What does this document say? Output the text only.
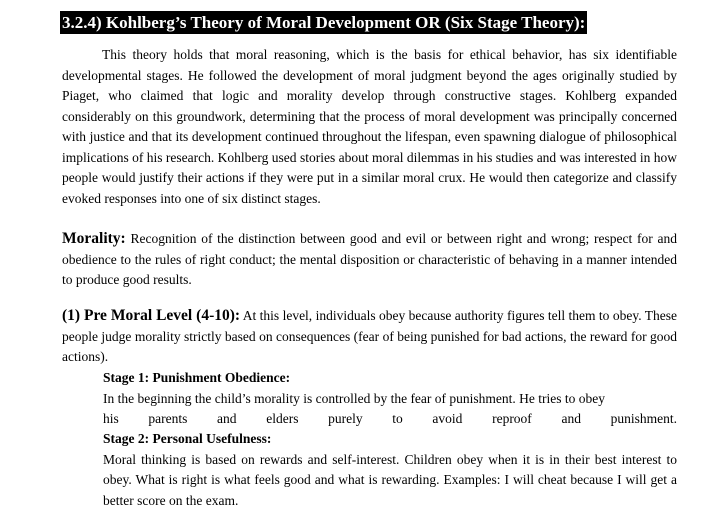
3.2.4) Kohlberg’s Theory of Moral Development OR (Six Stage Theory):

This theory holds that moral reasoning, which is the basis for ethical behavior, has six identifiable developmental stages. He followed the development of moral judgment beyond the ages originally studied by Piaget, who claimed that logic and morality develop through constructive stages. Kohlberg expanded considerably on this groundwork, determining that the process of moral development was principally concerned with justice and that its development continued throughout the lifespan, even spawning dialogue of philosophical implications of his research. Kohlberg used stories about moral dilemmas in his studies and was interested in how people would justify their actions if they were put in a similar moral crux. He would then categorize and classify evoked responses into one of six distinct stages.

Morality: Recognition of the distinction between good and evil or between right and wrong; respect for and obedience to the rules of right conduct; the mental disposition or characteristic of behaving in a manner intended to produce good results.

(1) Pre Moral Level (4-10): At this level, individuals obey because authority figures tell them to obey. These people judge morality strictly based on consequences (fear of being punished for bad actions, the reward for good actions).

Stage 1: Punishment Obedience:
In the beginning the child’s morality is controlled by the fear of punishment. He tries to obey
his parents and elders purely to avoid reproof and punishment.
Stage 2: Personal Usefulness:
Moral thinking is based on rewards and self-interest. Children obey when it is in their best interest to obey. What is right is what feels good and what is rewarding. Examples: I will cheat because I will get a better score on the exam.
